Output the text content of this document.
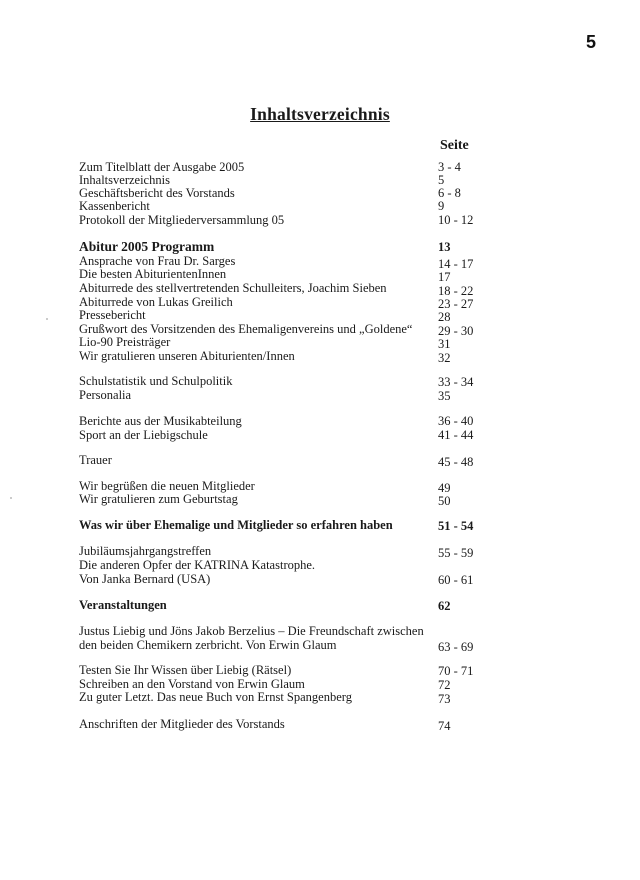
5
Inhaltsverzeichnis
Seite
Zum Titelblatt der Ausgabe 2005	3 - 4
Inhaltsverzeichnis	5
Geschäftsbericht des Vorstands	6 - 8
Kassenbericht	9
Protokoll der Mitgliederversammlung 05	10 - 12
Abitur 2005 Programm	13
Ansprache von Frau Dr. Sarges	14 - 17
Die besten AbiturientenInnen	17
Abiturrede des stellvertretenden Schulleiters, Joachim Sieben	18 - 22
Abiturrede von Lukas Greilich	23 - 27
Pressebericht	28
Grußwort des Vorsitzenden des Ehemaligenvereins und „Goldene“ 29 - 30
Lio-90 Preisträger	31
Wir gratulieren unseren Abiturienten/Innen	32
Schulstatistik und Schulpolitik	33 - 34
Personalia	35
Berichte aus der Musikabteilung	36 - 40
Sport an der Liebigschule	41 - 44
Trauer	45 - 48
Wir begrüßen die neuen Mitglieder	49
Wir gratulieren zum Geburtstag	50
Was wir über Ehemalige und Mitglieder so erfahren haben	51 - 54
Jubiläumsjahrgangstreffen	55 - 59
Die anderen Opfer der KATRINA Katastrophe.
Von Janka Bernard (USA)	60 - 61
Veranstaltungen	62
Justus Liebig und Jöns Jakob Berzelius – Die Freundschaft zwischen
den beiden Chemikern zerbricht. Von Erwin Glaum	63 - 69
Testen Sie Ihr Wissen über Liebig (Rätsel)	70 - 71
Schreiben an den Vorstand von Erwin Glaum	72
Zu guter Letzt. Das neue Buch von Ernst Spangenberg	73
Anschriften der Mitglieder des Vorstands	74
